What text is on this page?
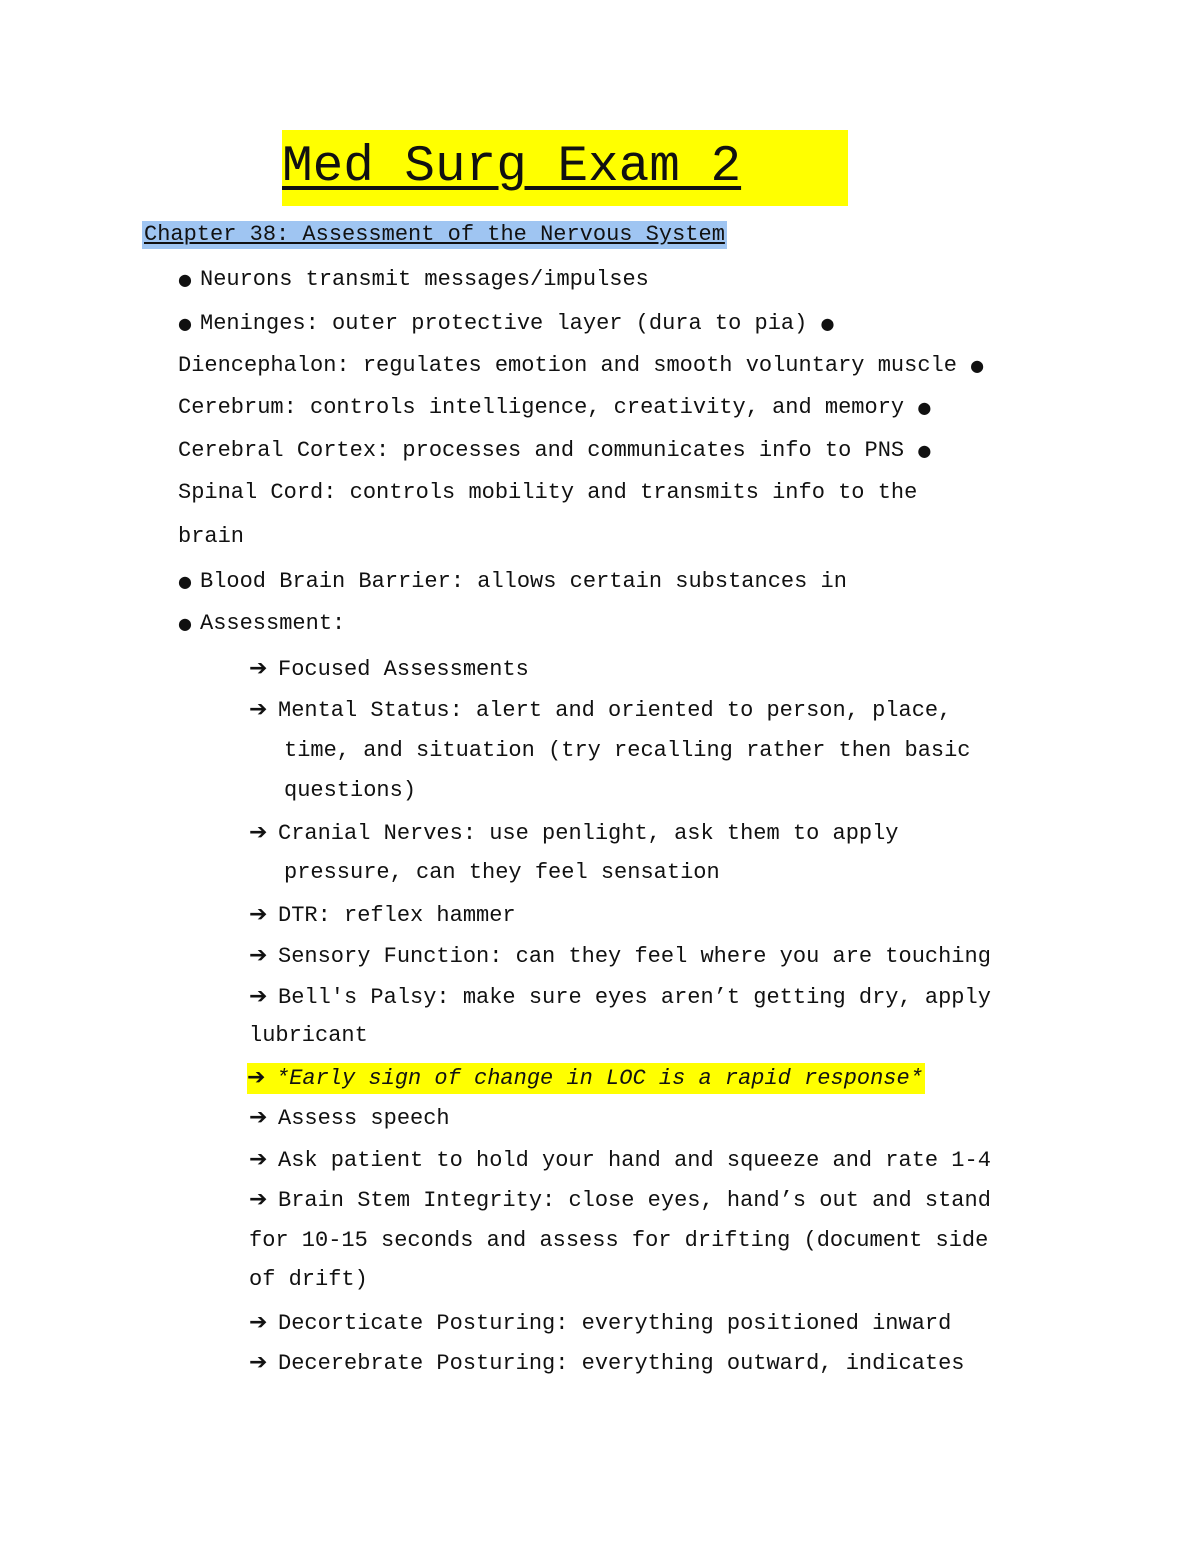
Med Surg Exam 2
Chapter 38: Assessment of the Nervous System
● Neurons transmit messages/impulses
● Meninges: outer protective layer (dura to pia) ●
Diencephalon: regulates emotion and smooth voluntary muscle ●
Cerebrum: controls intelligence, creativity, and memory ●
Cerebral Cortex: processes and communicates info to PNS ●
Spinal Cord: controls mobility and transmits info to the
brain
● Blood Brain Barrier: allows certain substances in
● Assessment:
➔ Focused Assessments
➔ Mental Status: alert and oriented to person, place,
time, and situation (try recalling rather then basic
questions)
➔ Cranial Nerves: use penlight, ask them to apply
pressure, can they feel sensation
➔ DTR: reflex hammer
➔ Sensory Function: can they feel where you are touching
➔ Bell's Palsy: make sure eyes aren’t getting dry, apply
lubricant
➔ *Early sign of change in LOC is a rapid response*
➔ Assess speech
➔ Ask patient to hold your hand and squeeze and rate 1-4
➔ Brain Stem Integrity: close eyes, hand’s out and stand
for 10-15 seconds and assess for drifting (document side
of drift)
➔ Decorticate Posturing: everything positioned inward
➔ Decerebrate Posturing: everything outward, indicates
